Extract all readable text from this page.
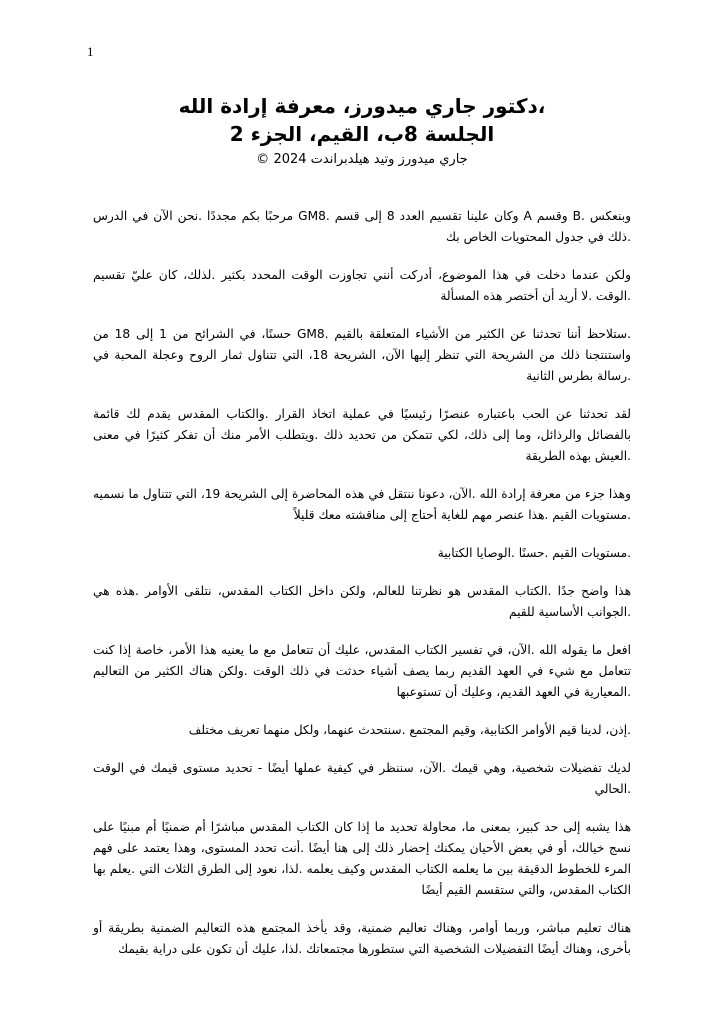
1
،دكتور جاري ميدورز، معرفة إرادة الله
الجلسة 8ب، القيم، الجزء 2
جاري ميدورز وتيد هيلدبراندت 2024 ©

وبنعكس .B وقسم A وكان علينا تقسيم العدد 8 إلى قسم .GM8 مرحبًا بكم مجددًا .نحن الآن في الدرس .ذلك في جدول المحتويات الخاص بك

ولكن عندما دخلت في هذا الموضوع، أدركت أنني تجاوزت الوقت المحدد بكثير .لذلك، كان عليّ تقسيم .الوقت .لا أريد أن أختصر هذه المسألة

.ستلاحظ أننا تحدثنا عن الكثير من الأشياء المتعلقة بالقيم .GM8 حسنًا، في الشرائح من 1 إلى 18 من واستنتجنا ذلك من الشريحة التي تنظر إليها الآن، الشريحة 18، التي تتناول ثمار الروح وعجلة المحبة في .رسالة بطرس الثانية

لقد تحدثنا عن الحب باعتباره عنصرًا رئيسيًا في عملية اتخاذ القرار .والكتاب المقدس يقدم لك قائمة بالفضائل والرذائل، وما إلى ذلك، لكي تتمكن من تحديد ذلك .ويتطلب الأمر منك أن تفكر كثيرًا في معنى .العيش بهذه الطريقة

وهذا جزء من معرفة إرادة الله .الآن، دعونا ننتقل في هذه المحاضرة إلى الشريحة 19، التي تتناول ما نسميه .مستويات القيم .هذا عنصر مهم للغاية أحتاج إلى مناقشته معك قليلاً

.مستويات القيم .حسنًا .الوصايا الكتابية

هذا واضح جدًا .الكتاب المقدس هو نظرتنا للعالم، ولكن داخل الكتاب المقدس، نتلقى الأوامر .هذه هي .الجوانب الأساسية للقيم

افعل ما يقوله الله .الآن، في تفسير الكتاب المقدس، عليك أن تتعامل مع ما يعنيه هذا الأمر، خاصة إذا كنت تتعامل مع شيء في العهد القديم ربما يصف أشياء حدثت في ذلك الوقت .ولكن هناك الكثير من التعاليم .المعيارية في العهد القديم، وعليك أن تستوعبها

.إذن، لدينا قيم الأوامر الكتابية، وقيم المجتمع .سنتحدث عنهما، ولكل منهما تعريف مختلف

لديك تفضيلات شخصية، وهي قيمك .الآن، سننظر في كيفية عملها أيضًا - تحديد مستوى قيمك في الوقت .الحالي

هذا يشبه إلى حد كبير، بمعنى ما، محاولة تحديد ما إذا كان الكتاب المقدس مباشرًا أم ضمنيًا أم مبنيًا على نسج خيالك، أو في بعض الأحيان يمكنك إحضار ذلك إلى هنا أيضًا .أنت تحدد المستوى، وهذا يعتمد على فهم المرء للخطوط الدقيقة بين ما يعلمه الكتاب المقدس وكيف يعلمه .لذا، نعود إلى الطرق الثلاث التي .يعلم بها الكتاب المقدس، والتي ستقسم القيم أيضًا

هناك تعليم مباشر، وربما أوامر، وهناك تعاليم ضمنية، وقد يأخذ المجتمع هذه التعاليم الضمنية بطريقة أو بأخرى، وهناك أيضًا التفضيلات الشخصية التي ستطورها مجتمعاتك .لذا، عليك أن تكون على دراية بقيمك
